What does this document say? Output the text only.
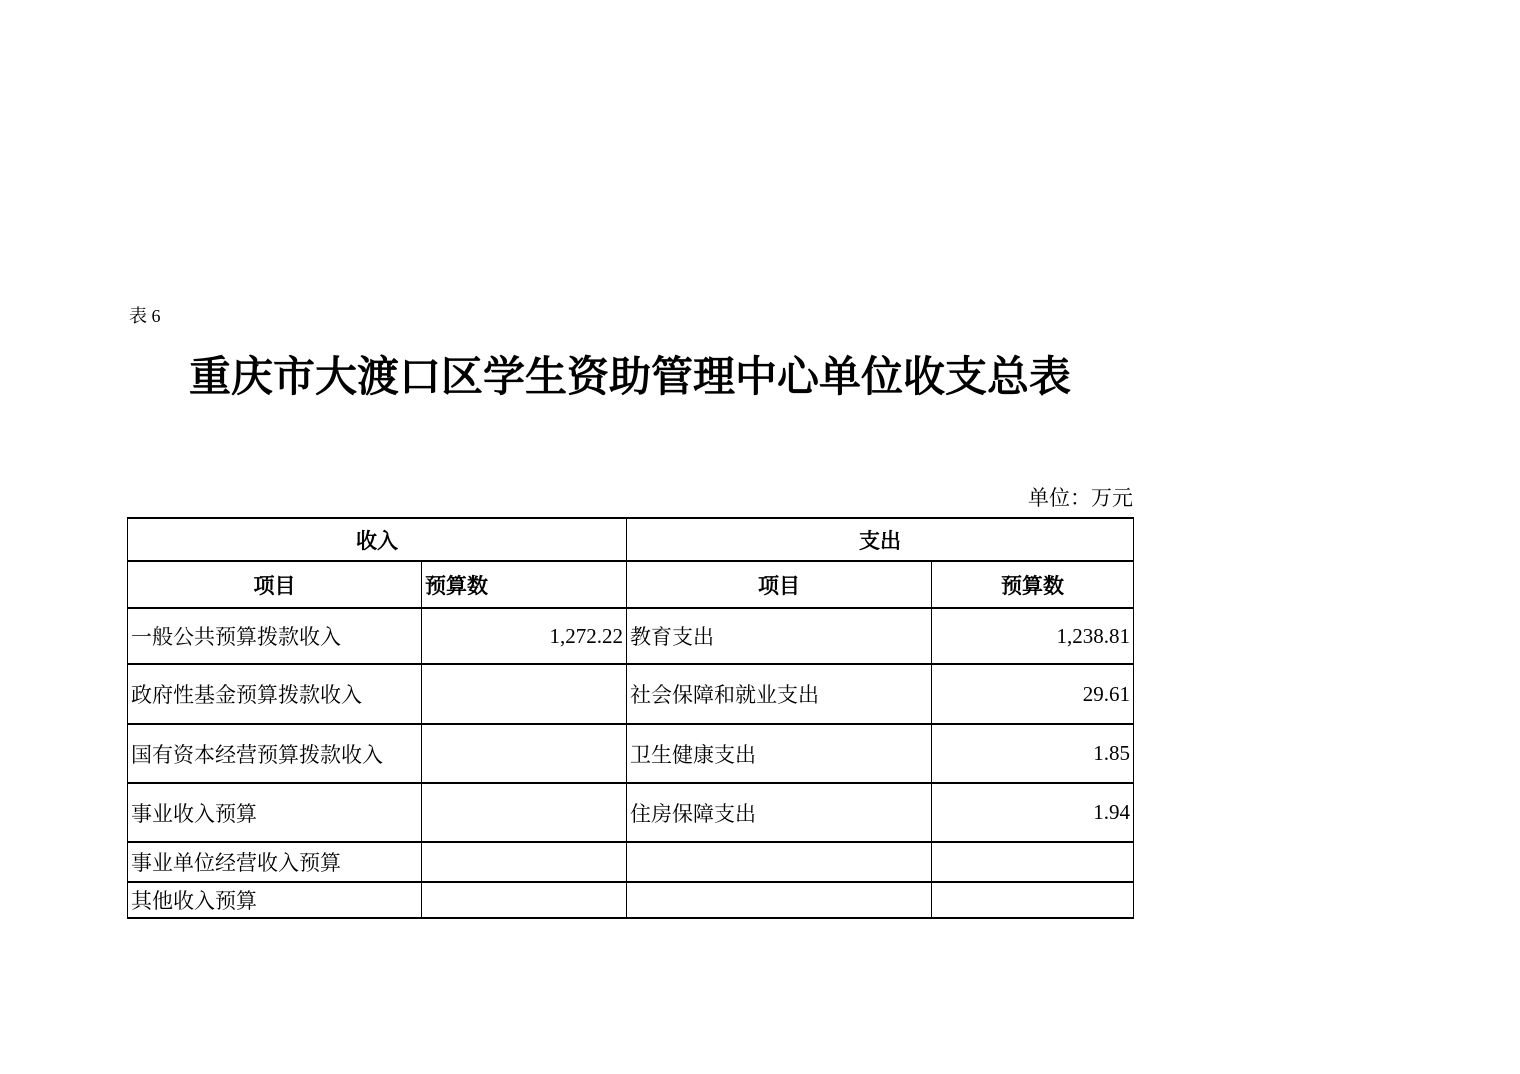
表 6
重庆市大渡口区学生资助管理中心单位收支总表
单位：万元
收入		支出	
项目	预算数	项目	预算数
一般公共预算拨款收入	1,272.22	教育支出	1,238.81
政府性基金预算拨款收入		社会保障和就业支出	29.61
国有资本经营预算拨款收入		卫生健康支出	1.85
事业收入预算		住房保障支出	1.94
事业单位经营收入预算			
其他收入预算			
